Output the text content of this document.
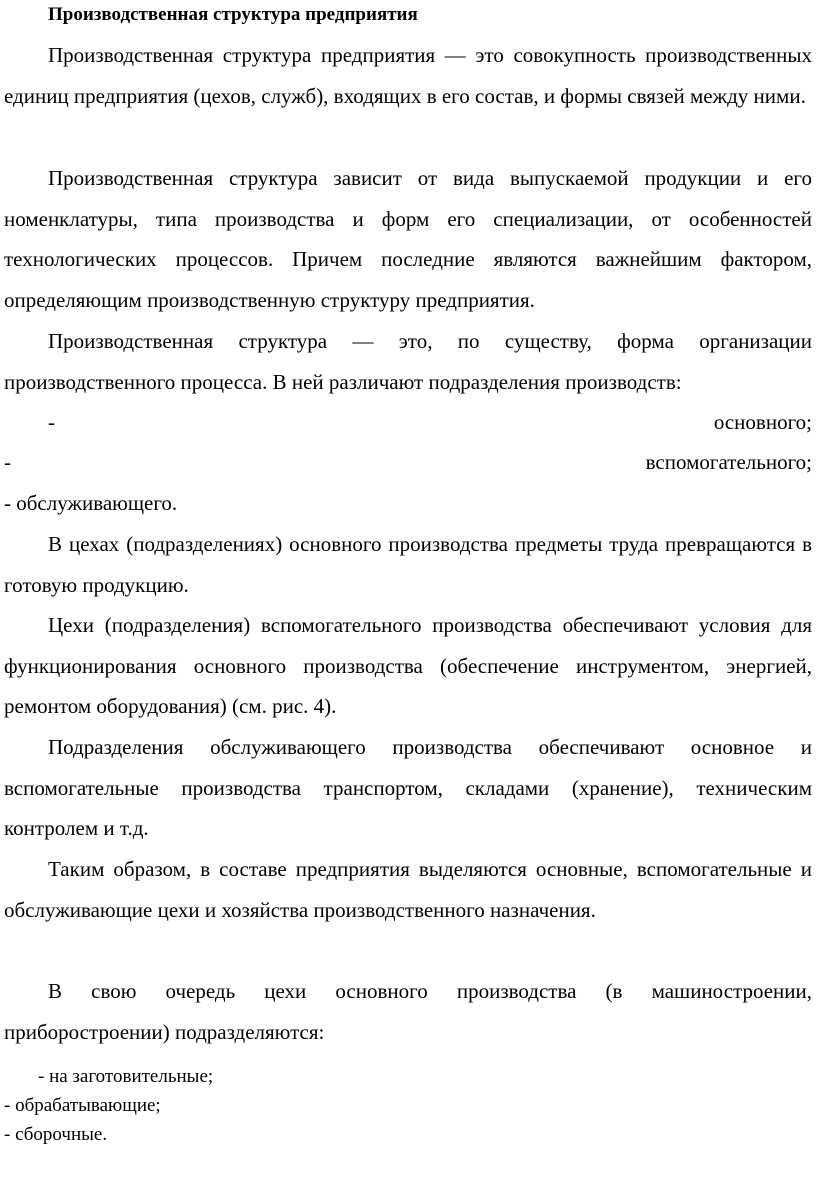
Производственная структура предприятия

Производственная структура предприятия — это совокупность производственных единиц предприятия (цехов, служб), входящих в его состав, и формы связей между ними.

Производственная структура зависит от вида выпускаемой продукции и его номенклатуры, типа производства и форм его специализации, от особенностей технологических процессов. Причем последние являются важнейшим фактором, определяющим производственную структуру предприятия.

Производственная структура — это, по существу, форма организации производственного процесса. В ней различают подразделения производств:

-	основного;
-	вспомогательного;
- обслуживающего.

В цехах (подразделениях) основного производства предметы труда превращаются в готовую продукцию.

Цехи (подразделения) вспомогательного производства обеспечивают условия для функционирования основного производства (обеспечение инструментом, энергией, ремонтом оборудования) (см. рис. 4).

Подразделения обслуживающего производства обеспечивают основное и вспомогательные производства транспортом, складами (хранение), техническим контролем и т.д.

Таким образом, в составе предприятия выделяются основные, вспомогательные и обслуживающие цехи и хозяйства производственного назначения.

В свою очередь цехи основного производства (в машиностроении, приборостроении) подразделяются:

- на заготовительные;
- обрабатывающие;
- сборочные.
